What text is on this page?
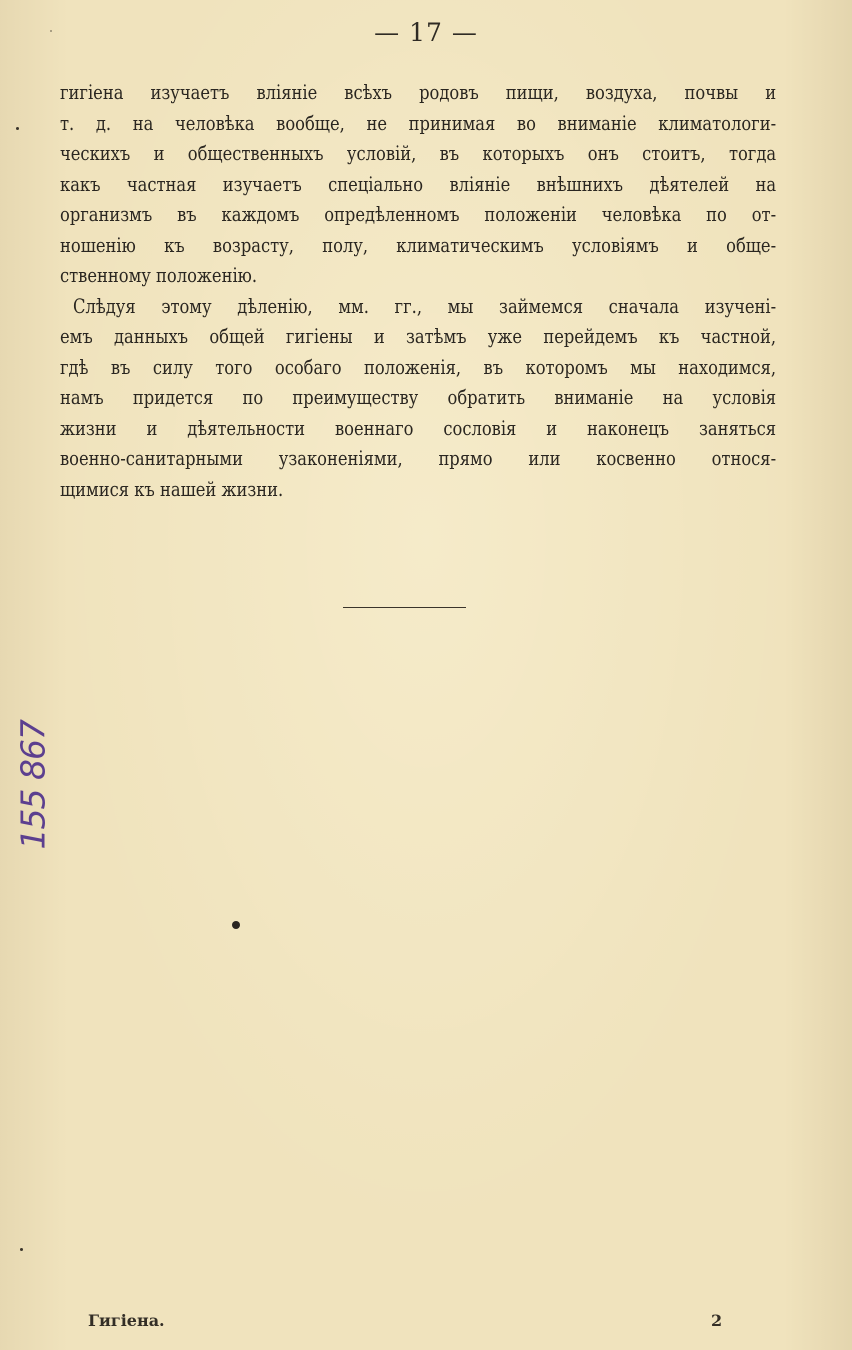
— 17 —
гигіена изучаетъ вліяніе всѣхъ родовъ пищи, воздуха, почвы и
т. д. на человѣка вообще, не принимая во вниманіе климатологи-
ческихъ и общественныхъ условій, въ которыхъ онъ стоитъ, тогда
какъ частная изучаетъ спеціально вліяніе внѣшнихъ дѣятелей на
организмъ въ каждомъ опредѣленномъ положеніи человѣка по от-
ношенію къ возрасту, полу, климатическимъ условіямъ и обще-
ственному положенію.
Слѣдуя этому дѣленію, мм. гг., мы займемся сначала изученi-
емъ данныхъ общей гигіены и затѣмъ уже перейдемъ къ частной,
гдѣ въ силу того особаго положенія, въ которомъ мы находимся,
намъ придется по преимуществу обратить вниманіе на условія
жизни и дѣятельности военнаго сословія и наконецъ заняться
военно-санитарными узаконеніями, прямо или косвенно относя-
щимися къ нашей жизни.
155 867
Гигіена.	2
